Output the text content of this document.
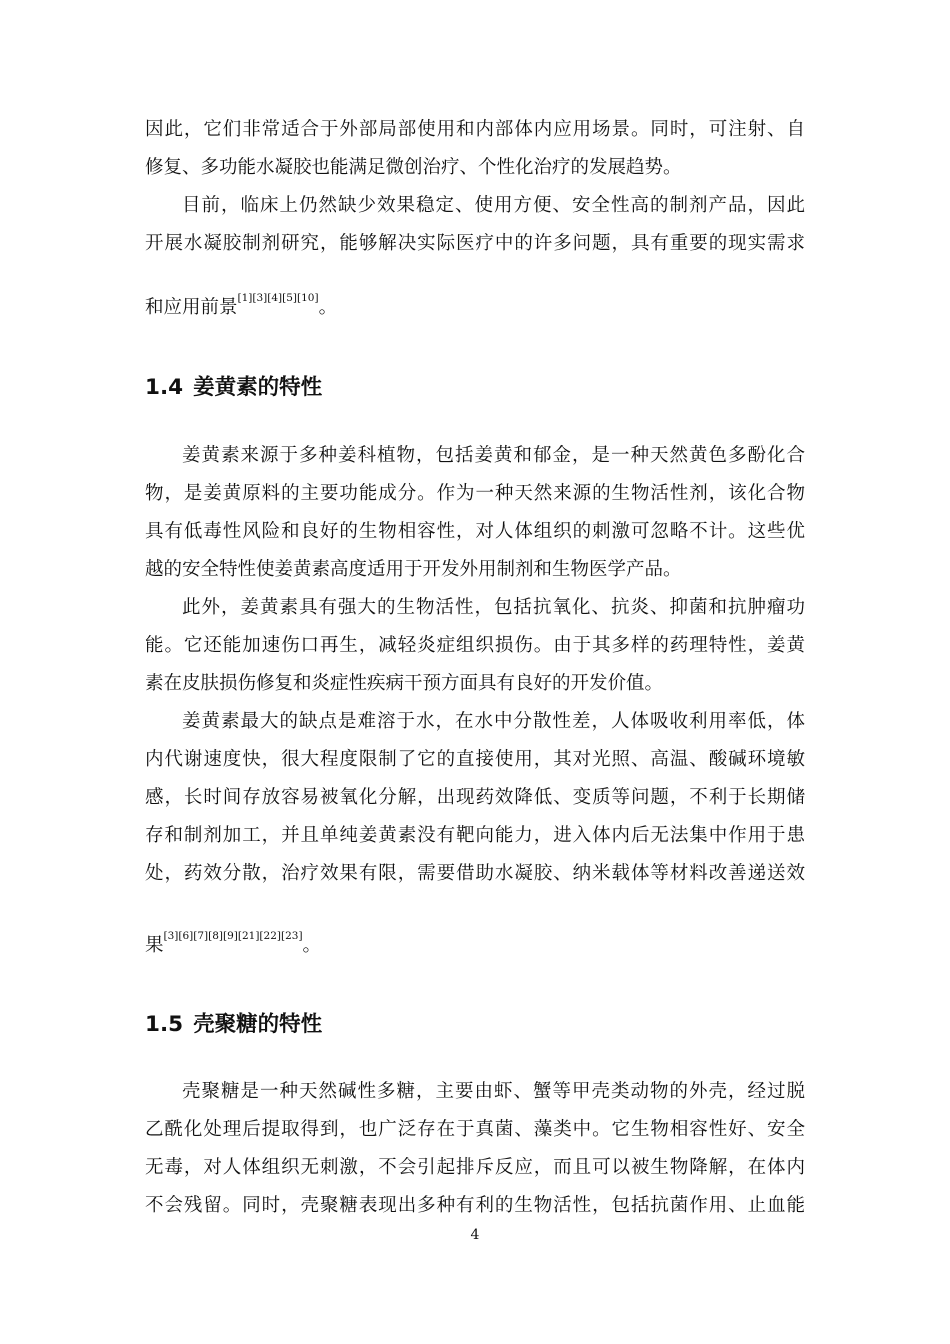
因此，它们非常适合于外部局部使用和内部体内应用场景。同时，可注射、自
修复、多功能水凝胶也能满足微创治疗、个性化治疗的发展趋势。
目前，临床上仍然缺少效果稳定、使用方便、安全性高的制剂产品，因此
开展水凝胶制剂研究，能够解决实际医疗中的许多问题，具有重要的现实需求
和应用前景[1][3][4][5][10]。
1.4 姜黄素的特性
姜黄素来源于多种姜科植物，包括姜黄和郁金，是一种天然黄色多酚化合
物，是姜黄原料的主要功能成分。作为一种天然来源的生物活性剂，该化合物
具有低毒性风险和良好的生物相容性，对人体组织的刺激可忽略不计。这些优
越的安全特性使姜黄素高度适用于开发外用制剂和生物医学产品。
此外，姜黄素具有强大的生物活性，包括抗氧化、抗炎、抑菌和抗肿瘤功
能。它还能加速伤口再生，减轻炎症组织损伤。由于其多样的药理特性，姜黄
素在皮肤损伤修复和炎症性疾病干预方面具有良好的开发价值。
姜黄素最大的缺点是难溶于水，在水中分散性差，人体吸收利用率低，体
内代谢速度快，很大程度限制了它的直接使用，其对光照、高温、酸碱环境敏
感，长时间存放容易被氧化分解，出现药效降低、变质等问题，不利于长期储
存和制剂加工，并且单纯姜黄素没有靶向能力，进入体内后无法集中作用于患
处，药效分散，治疗效果有限，需要借助水凝胶、纳米载体等材料改善递送效
果[3][6][7][8][9][21][22][23]。
1.5 壳聚糖的特性
壳聚糖是一种天然碱性多糖，主要由虾、蟹等甲壳类动物的外壳，经过脱
乙酰化处理后提取得到，也广泛存在于真菌、藻类中。它生物相容性好、安全
无毒，对人体组织无刺激，不会引起排斥反应，而且可以被生物降解，在体内
不会残留。同时，壳聚糖表现出多种有利的生物活性，包括抗菌作用、止血能
4
